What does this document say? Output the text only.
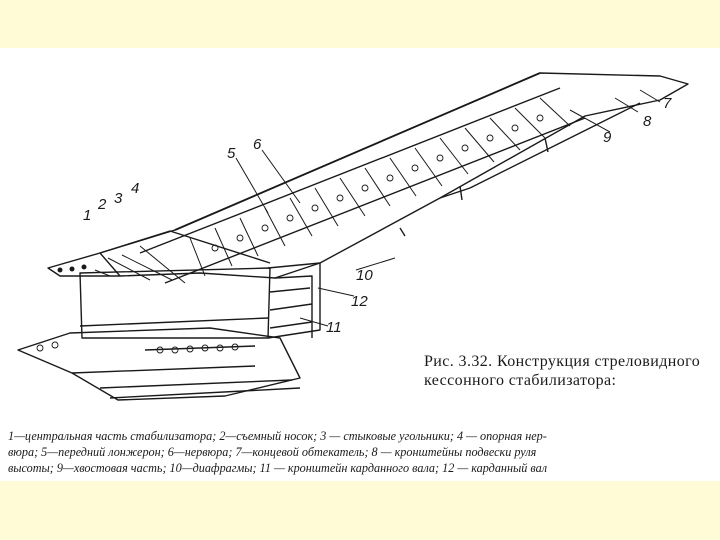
1
2 3
4
5
6
7
8
9
10
11
12
Рис. 3.32. Конструкция стреловидного кессонного стабилизатора:
1—центральная часть стабилизатора; 2—съемный носок; 3 — стыковые угольники; 4 — опорная нер-
вюра; 5—передний лонжерон; 6—нервюра; 7—концевой обтекатель; 8 — кронштейны подвески руля
высоты; 9—хвостовая часть; 10—диафрагмы; 11 — кронштейн карданного вала; 12 — карданный вал
